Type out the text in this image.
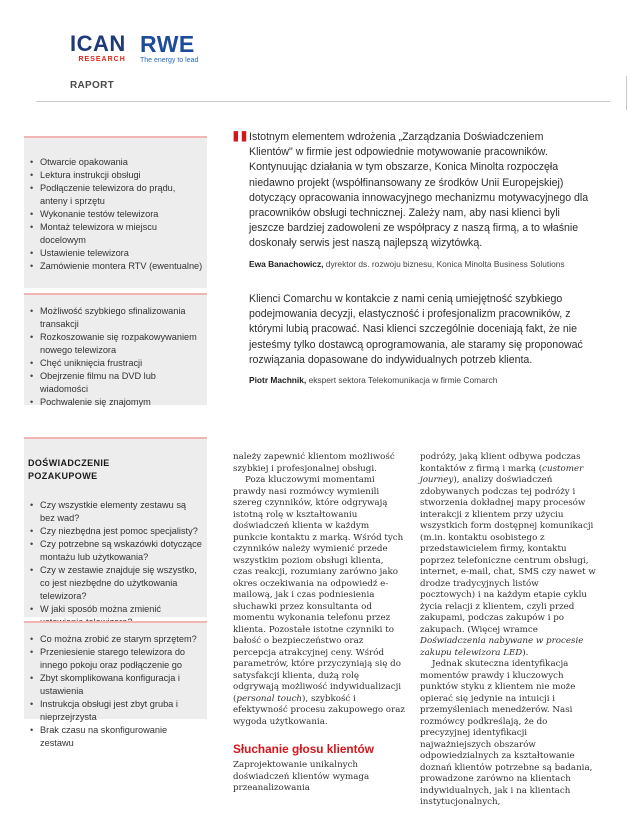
ICAN
RESEARCH
RWE
The energy to lead
RAPORT
• Otwarcie opakowania
• Lektura instrukcji obsługi
• Podłączenie telewizora do prądu, anteny i sprzętu
• Wykonanie testów telewizora
• Montaż telewizora w miejscu docelowym
• Ustawienie telewizora
• Zamówienie montera RTV (ewentualne)
• Możliwość szybkiego sfinalizowania transakcji
• Rozkoszowanie się rozpakowywaniem nowego telewizora
• Chęć uniknięcia frustracji
• Obejrzenie filmu na DVD lub wiadomości
• Pochwalenie się znajomym
DOŚWIADCZENIE
POZAKUPOWE
• Czy wszystkie elementy zestawu są bez wad?
• Czy niezbędna jest pomoc specjalisty?
• Czy potrzebne są wskazówki dotyczące montażu lub użytkowania?
• Czy w zestawie znajduje się wszystko, co jest niezbędne do użytkowania telewizora?
• W jaki sposób można zmienić
• Co można zrobić ze starym sprzętem?
• Przeniesienie starego telewizora do innego pokoju oraz podłączenie go
• Zbyt skomplikowana konfiguracja i ustawienia
• Instrukcja obsługi jest zbyt gruba i nieprzejrzysta
• Brak czasu na skonfigurowanie zestawu
" Istotnym elementem wdrożenia „Zarządzania Doświadczeniem Klientów" w firmie jest odpowiednie motywowanie pracowników. Kontynuując działania w tym obszarze, Konica Minolta rozpoczęła niedawno projekt (współfinansowany ze środków Unii Europejskiej) dotyczący opracowania innowacyjnego mechanizmu motywacyjnego dla pracowników obsługi technicznej. Zależy nam, aby nasi klienci byli jeszcze bardziej zadowoleni ze współpracy z naszą firmą, a to właśnie doskonały serwis jest naszą najlepszą wizytówką.
Ewa Banachowicz, dyrektor ds. rozwoju biznesu, Konica Minolta Business Solutions
Klienci Comarchu w kontakcie z nami cenią umiejętność szybkiego podejmowania decyzji, elastyczność i profesjonalizm pracowników, z którymi lubią pracować. Nasi klienci szczególnie doceniają fakt, że nie jesteśmy tylko dostawcą oprogramowania, ale staramy się proponować rozwiązania dopasowane do indywidualnych potrzeb klienta.
Piotr Machnik, ekspert sektora Telekomunikacja w firmie Comarch

należy zapewnić klientom możliwość szybkiej i profesjonalnej obsługi.

Poza kluczowymi momentami prawdy nasi rozmówcy wymienili szereg czynników, które odgrywają istotną rolę w kształtowaniu doświadczeń klienta w każdym punkcie kontaktu z marką. Wśród tych czynników należy wymienić przede wszystkim poziom obsługi klienta, czas reakcji, rozumiany zarówno jako okres oczekiwania na odpowiedź e-mailową, jak i czas podniesienia słuchawki przez konsultanta od momentu wykonania telefonu przez klienta. Pozostałe istotne czynniki to bałość o bezpieczeństwo oraz percepcja atrakcyjnej ceny. Wśród parametrów, które przyczyniają się do satysfakcji klienta, dużą rolę odgrywają możliwość indywidualizacji (personal touch), szybkość i efektywność procesu zakupowego oraz wygoda użytkowania.

Słuchanie głosu klientów

Zaprojektowanie unikalnych doświadczeń klientów wymaga przeanalizowania

podróży, jaką klient odbywa podczas kontaktów z firmą i marką (customer journey), analizy doświadczeń zdobywanych podczas tej podróży i stworzenia dokładnej mapy procesów interakcji z klientem przy użyciu wszystkich form dostępnej komunikacji (m.in. kontaktu osobistego z przedstawicielem firmy, kontaktu poprzez telefoniczne centrum obsługi, internet, e-mail, chat, SMS czy nawet w drodze tradycyjnych listów pocztowych) i na każdym etapie cyklu życia relacji z klientem, czyli przed zakupami, podczas zakupów i po zakupach. (Więcej wramce Doświadczenia nabywane w procesie zakupu telewizora LED).

Jednak skuteczna identyfikacja momentów prawdy i kluczowych punktów styku z klientem nie może opierać się jedynie na intuicji i przemyśleniach menedżerów. Nasi rozmówcy podkreślają, że do precyzyjnej identyfikacji najważniejszych obszarów odpowiedzialnych za kształtowanie doznań klientów potrzebne są badania, prowadzone zarówno na klientach indywidualnych, jak i na klientach instytucjonalnych,
